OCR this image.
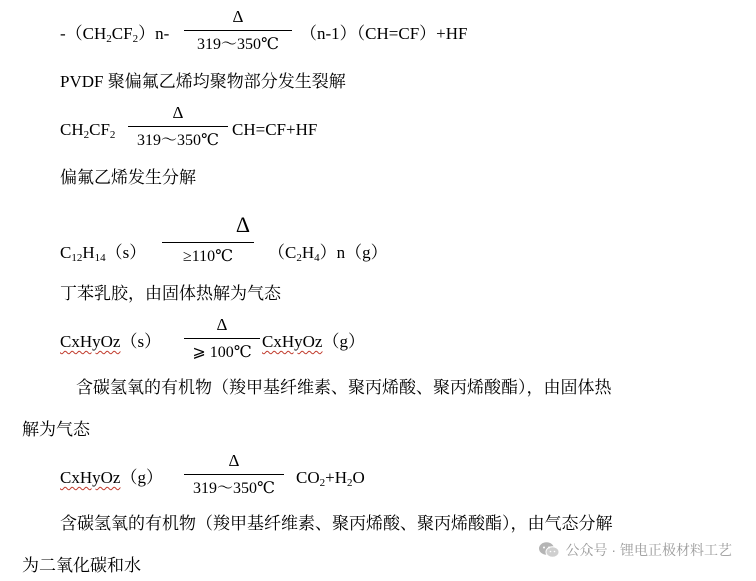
$-(CH_2CF_2)n-$
Δ
319～350℃
（n-1）（CH=CF）+HF
PVDF 聚偏氟乙烯均聚物部分发生裂解
$CH_2CF_2$
Δ
319～350℃
CH=CF+HF
偏氟乙烯发生分解
$C_{12}H_{14}(s)$
Δ
≥110℃	$(C_2H_4)n(g)$
丁苯乳胶，由固体热解为气态
CxHyOz（s）
Δ
⩾ 100℃
CxHyOz（g）
含碳氢氧的有机物（羧甲基纤维素、聚丙烯酸、聚丙烯酸酯），由固体热
解为气态
CxHyOz（g）
Δ
319～350℃
$CO_2+H_2O$
含碳氢氧的有机物（羧甲基纤维素、聚丙烯酸、聚丙烯酸酯），由气态分解
为二氧化碳和水
公众号 · 锂电正极材料工艺
